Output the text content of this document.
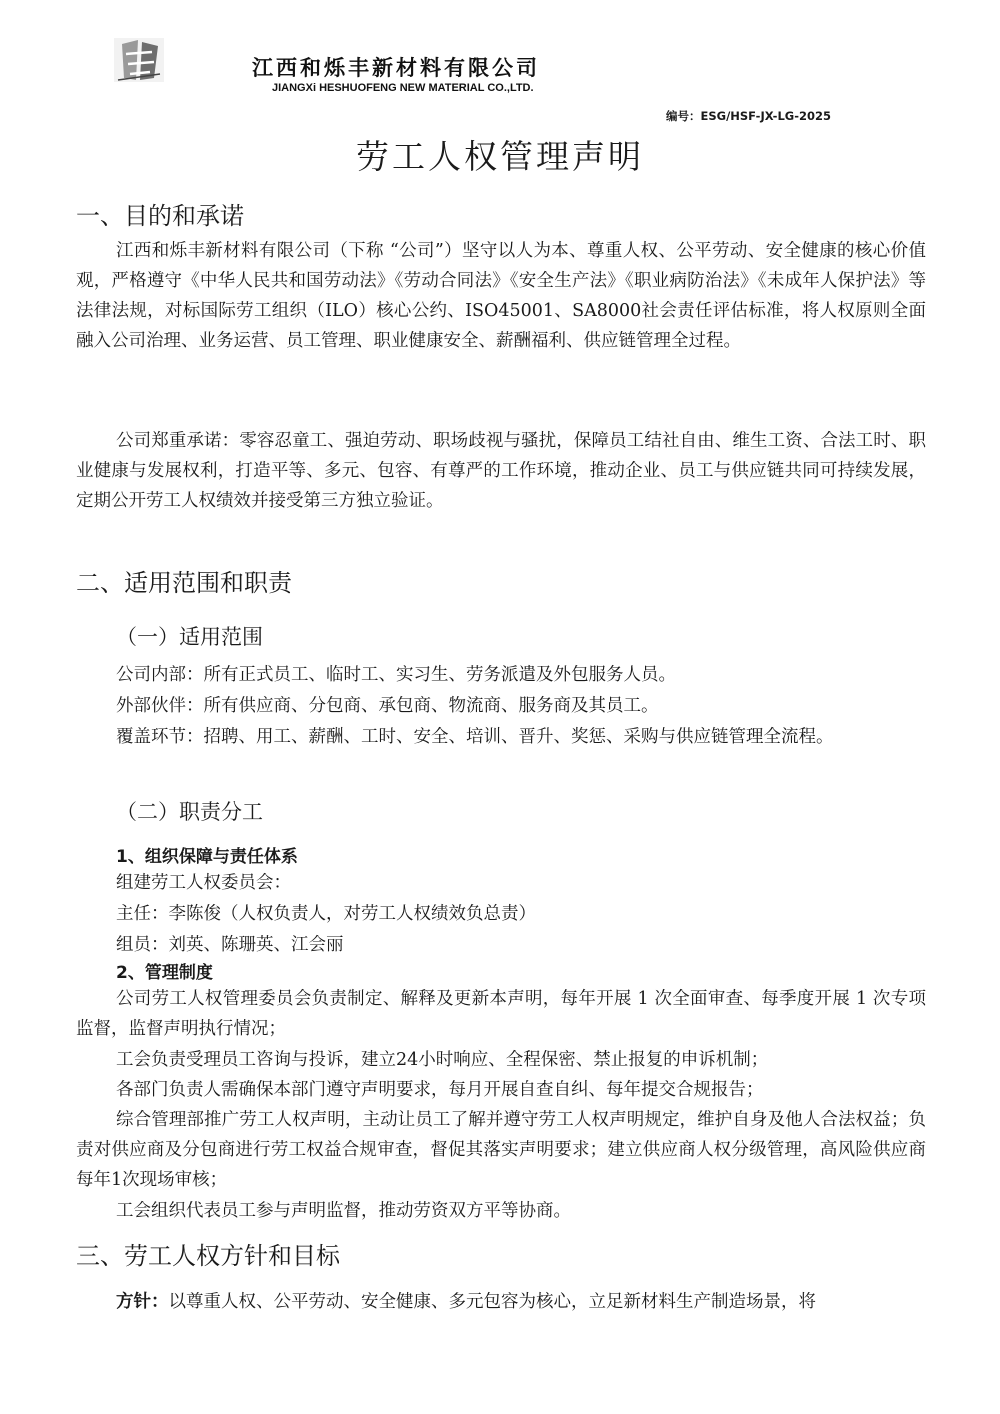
江西和烁丰新材料有限公司
JIANGXi HESHUOFENG NEW MATERIAL CO.,LTD.
编号：ESG/HSF-JX-LG-2025
劳工人权管理声明
一、目的和承诺

江西和烁丰新材料有限公司（下称 “公司”）坚守以人为本、尊重人权、公平劳动、安全健康的核心价值观，严格遵守《中华人民共和国劳动法》《劳动合同法》《安全生产法》《职业病防治法》《未成年人保护法》等法律法规，对标国际劳工组织（ILO）核心公约、ISO45001、SA8000社会责任评估标准，将人权原则全面融入公司治理、业务运营、员工管理、职业健康安全、薪酬福利、供应链管理全过程。

公司郑重承诺：零容忍童工、强迫劳动、职场歧视与骚扰，保障员工结社自由、维生工资、合法工时、职业健康与发展权利，打造平等、多元、包容、有尊严的工作环境，推动企业、员工与供应链共同可持续发展，定期公开劳工人权绩效并接受第三方独立验证。

二、适用范围和职责
（一）适用范围

公司内部：所有正式员工、临时工、实习生、劳务派遣及外包服务人员。

外部伙伴：所有供应商、分包商、承包商、物流商、服务商及其员工。

覆盖环节：招聘、用工、薪酬、工时、安全、培训、晋升、奖惩、采购与供应链管理全流程。

（二）职责分工
1、组织保障与责任体系

组建劳工人权委员会：

主任：李陈俊（人权负责人，对劳工人权绩效负总责）

组员：刘英、陈珊英、江会丽

2、管理制度

公司劳工人权管理委员会负责制定、解释及更新本声明，每年开展 1 次全面审查、每季度开展 1 次专项监督，监督声明执行情况；

工会负责受理员工咨询与投诉，建立24小时响应、全程保密、禁止报复的申诉机制；

各部门负责人需确保本部门遵守声明要求，每月开展自查自纠、每年提交合规报告；

综合管理部推广劳工人权声明，主动让员工了解并遵守劳工人权声明规定，维护自身及他人合法权益；负责对供应商及分包商进行劳工权益合规审查，督促其落实声明要求；建立供应商人权分级管理，高风险供应商每年1次现场审核；

工会组织代表员工参与声明监督，推动劳资双方平等协商。

三、劳工人权方针和目标

方针：以尊重人权、公平劳动、安全健康、多元包容为核心，立足新材料生产制造场景，将
